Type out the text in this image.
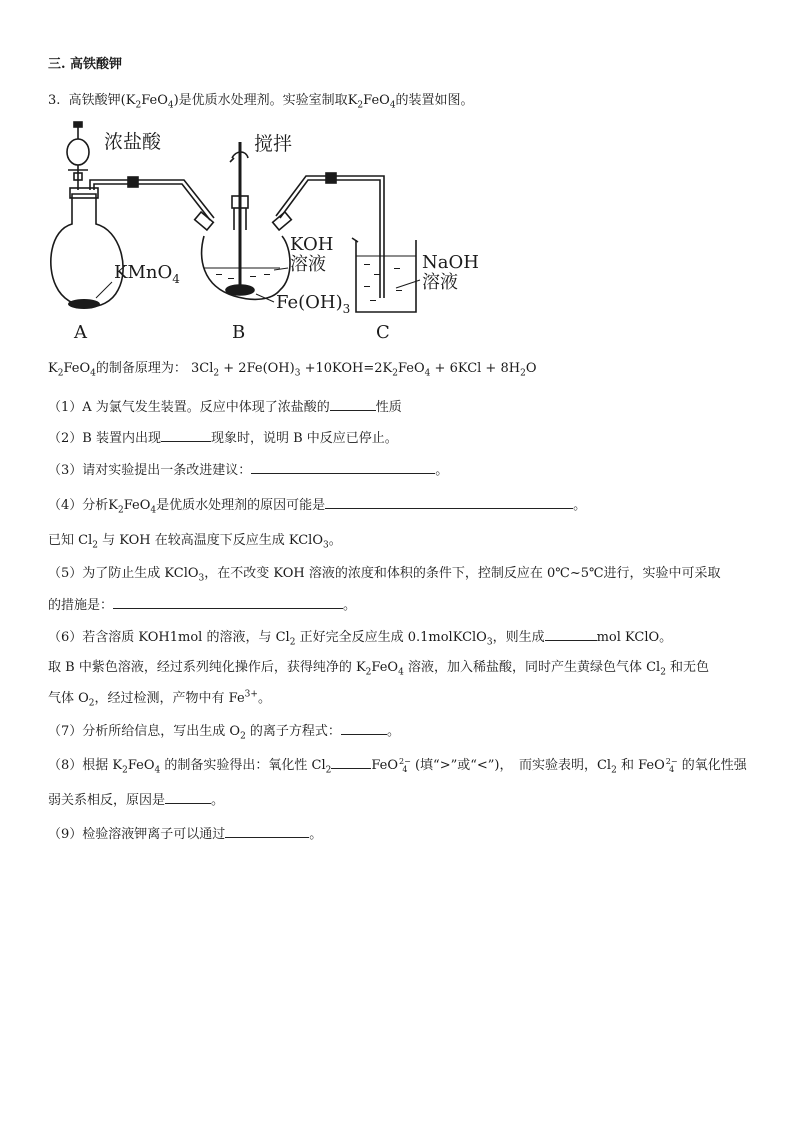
三. 高铁酸钾
3. 高铁酸钾$(K_2FeO_4)$是优质水处理剂。实验室制取$K_2FeO_4$的装置如图。
浓盐酸	搅拌
KOH
溶液	NaOH
溶液
A	B	C
KMnO$_4$
$Fe(OH)_3$
$K_2FeO_4$的制备原理为： $3Cl_2 + 2Fe(OH)_3 +10KOH=2K_2FeO_4 + 6KCl + 8H_2O$
（1）A 为氯气发生装置。反应中体现了浓盐酸的	性质
（2）B 装置内出现	现象时，说明 B 中反应已停止。
（3）请对实验提出一条改进建议：	。
（4）分析$K_2FeO_4$是优质水处理剂的原因可能是	。
已知 $Cl_2$ 与 KOH 在较高温度下反应生成 KClO$_3$。
（5）为了防止生成 KClO$_3$，在不改变 KOH 溶液的浓度和体积的条件下，控制反应在 0℃~5℃进行，实验中可采取
的措施是：	。
（6）若含溶质 KOH1mol 的溶液，与 $Cl_2$ 正好完全反应生成 0.1molKClO$_3$，则生成	mol KClO。
取 B 中紫色溶液，经过系列纯化操作后，获得纯净的 $K_2FeO_4$ 溶液，加入稀盐酸，同时产生黄绿色气体 $Cl_2$ 和无色
气体 $O_2$，经过检测，产物中有 $Fe^{3+}$。
（7）分析所给信息，写出生成 $O_2$ 的离子方程式：	。
（8）根据 $K_2FeO_4$ 的制备实验得出：氧化性 $Cl_2$	FeO 2−
4 (填“>”或“<”)，　而实验表明，$Cl_2$ 和 FeO 2−
4 的氧化性强
弱关系相反，原因是	。
（9）检验溶液钾离子可以通过	。
